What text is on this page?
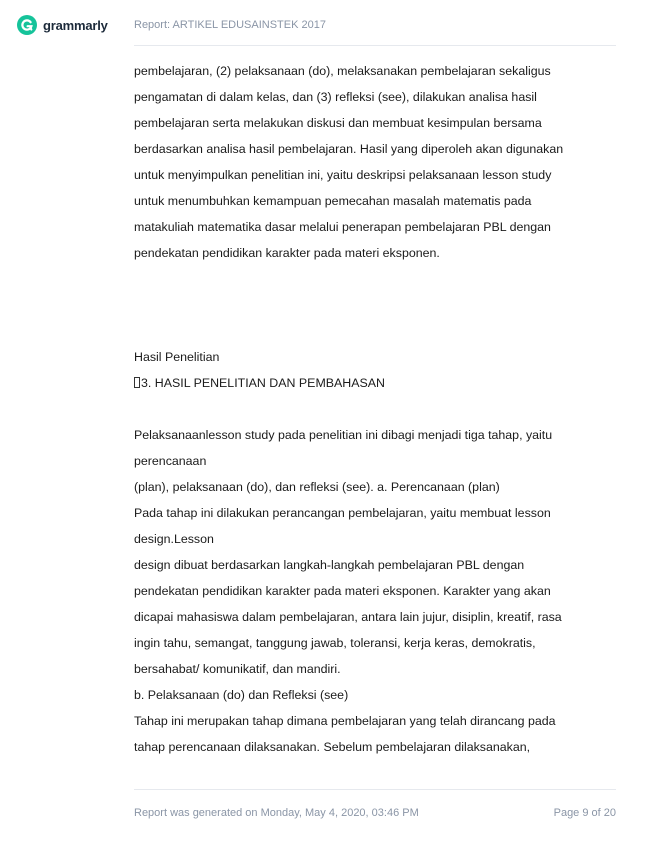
grammarly Report: ARTIKEL EDUSAINSTEK 2017
pembelajaran, (2) pelaksanaan (do), melaksanakan pembelajaran sekaligus
pengamatan di dalam kelas, dan (3) refleksi (see), dilakukan analisa hasil
pembelajaran serta melakukan diskusi dan membuat kesimpulan bersama
berdasarkan analisa hasil pembelajaran. Hasil yang diperoleh akan digunakan
untuk menyimpulkan penelitian ini, yaitu deskripsi pelaksanaan lesson study
untuk menumbuhkan kemampuan pemecahan masalah matematis pada
matakuliah matematika dasar melalui penerapan pembelajaran PBL dengan
pendekatan pendidikan karakter pada materi eksponen.
Hasil Penelitian
3. HASIL PENELITIAN DAN PEMBAHASAN
Pelaksanaanlesson study pada penelitian ini dibagi menjadi tiga tahap, yaitu
perencanaan
(plan), pelaksanaan (do), dan refleksi (see). a. Perencanaan (plan)
Pada tahap ini dilakukan perancangan pembelajaran, yaitu membuat lesson
design.Lesson
design dibuat berdasarkan langkah-langkah pembelajaran PBL dengan
pendekatan pendidikan karakter pada materi eksponen. Karakter yang akan
dicapai mahasiswa dalam pembelajaran, antara lain jujur, disiplin, kreatif, rasa
ingin tahu, semangat, tanggung jawab, toleransi, kerja keras, demokratis,
bersahabat/ komunikatif, dan mandiri.
b. Pelaksanaan (do) dan Refleksi (see)
Tahap ini merupakan tahap dimana pembelajaran yang telah dirancang pada
tahap perencanaan dilaksanakan. Sebelum pembelajaran dilaksanakan,
Report was generated on Monday, May 4, 2020, 03:46 PM	Page 9 of 20
